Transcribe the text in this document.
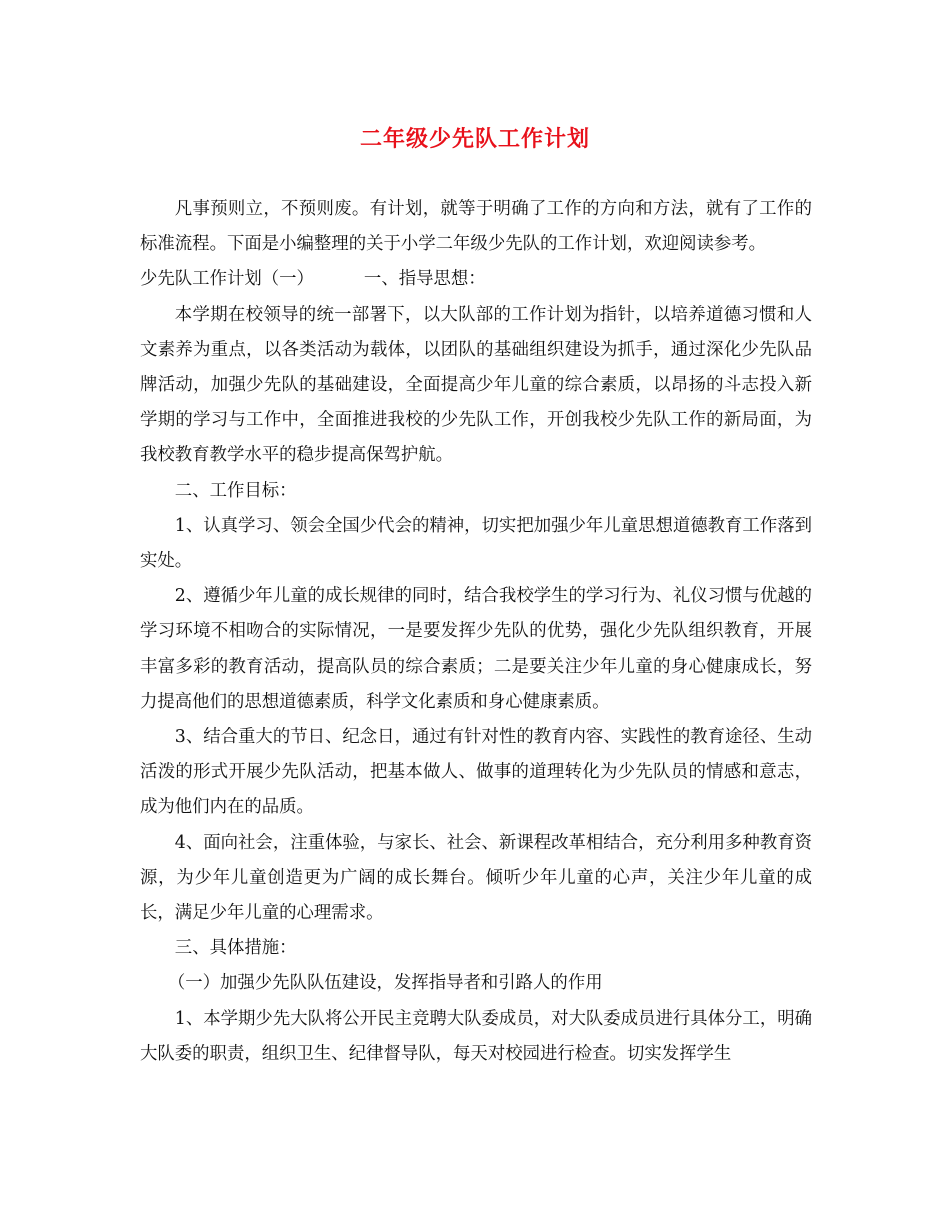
二年级少先队工作计划

凡事预则立，不预则废。有计划，就等于明确了工作的方向和方法，就有了工作的标准流程。下面是小编整理的关于小学二年级少先队的工作计划，欢迎阅读参考。

少先队工作计划（一）	一、指导思想：

本学期在校领导的统一部署下，以大队部的工作计划为指针，以培养道德习惯和人文素养为重点，以各类活动为载体，以团队的基础组织建设为抓手，通过深化少先队品牌活动，加强少先队的基础建设，全面提高少年儿童的综合素质，以昂扬的斗志投入新学期的学习与工作中，全面推进我校的少先队工作，开创我校少先队工作的新局面，为我校教育教学水平的稳步提高保驾护航。

二、工作目标：

1、认真学习、领会全国少代会的精神，切实把加强少年儿童思想道德教育工作落到实处。

2、遵循少年儿童的成长规律的同时，结合我校学生的学习行为、礼仪习惯与优越的学习环境不相吻合的实际情况，一是要发挥少先队的优势，强化少先队组织教育，开展丰富多彩的教育活动，提高队员的综合素质；二是要关注少年儿童的身心健康成长，努力提高他们的思想道德素质，科学文化素质和身心健康素质。

3、结合重大的节日、纪念日，通过有针对性的教育内容、实践性的教育途径、生动活泼的形式开展少先队活动，把基本做人、做事的道理转化为少先队员的情感和意志，成为他们内在的品质。

4、面向社会，注重体验，与家长、社会、新课程改革相结合，充分利用多种教育资源，为少年儿童创造更为广阔的成长舞台。倾听少年儿童的心声，关注少年儿童的成长，满足少年儿童的心理需求。

三、具体措施：

（一）加强少先队队伍建设，发挥指导者和引路人的作用

1、本学期少先大队将公开民主竞聘大队委成员，对大队委成员进行具体分工，明确大队委的职责，组织卫生、纪律督导队，每天对校园进行检查。切实发挥学生
